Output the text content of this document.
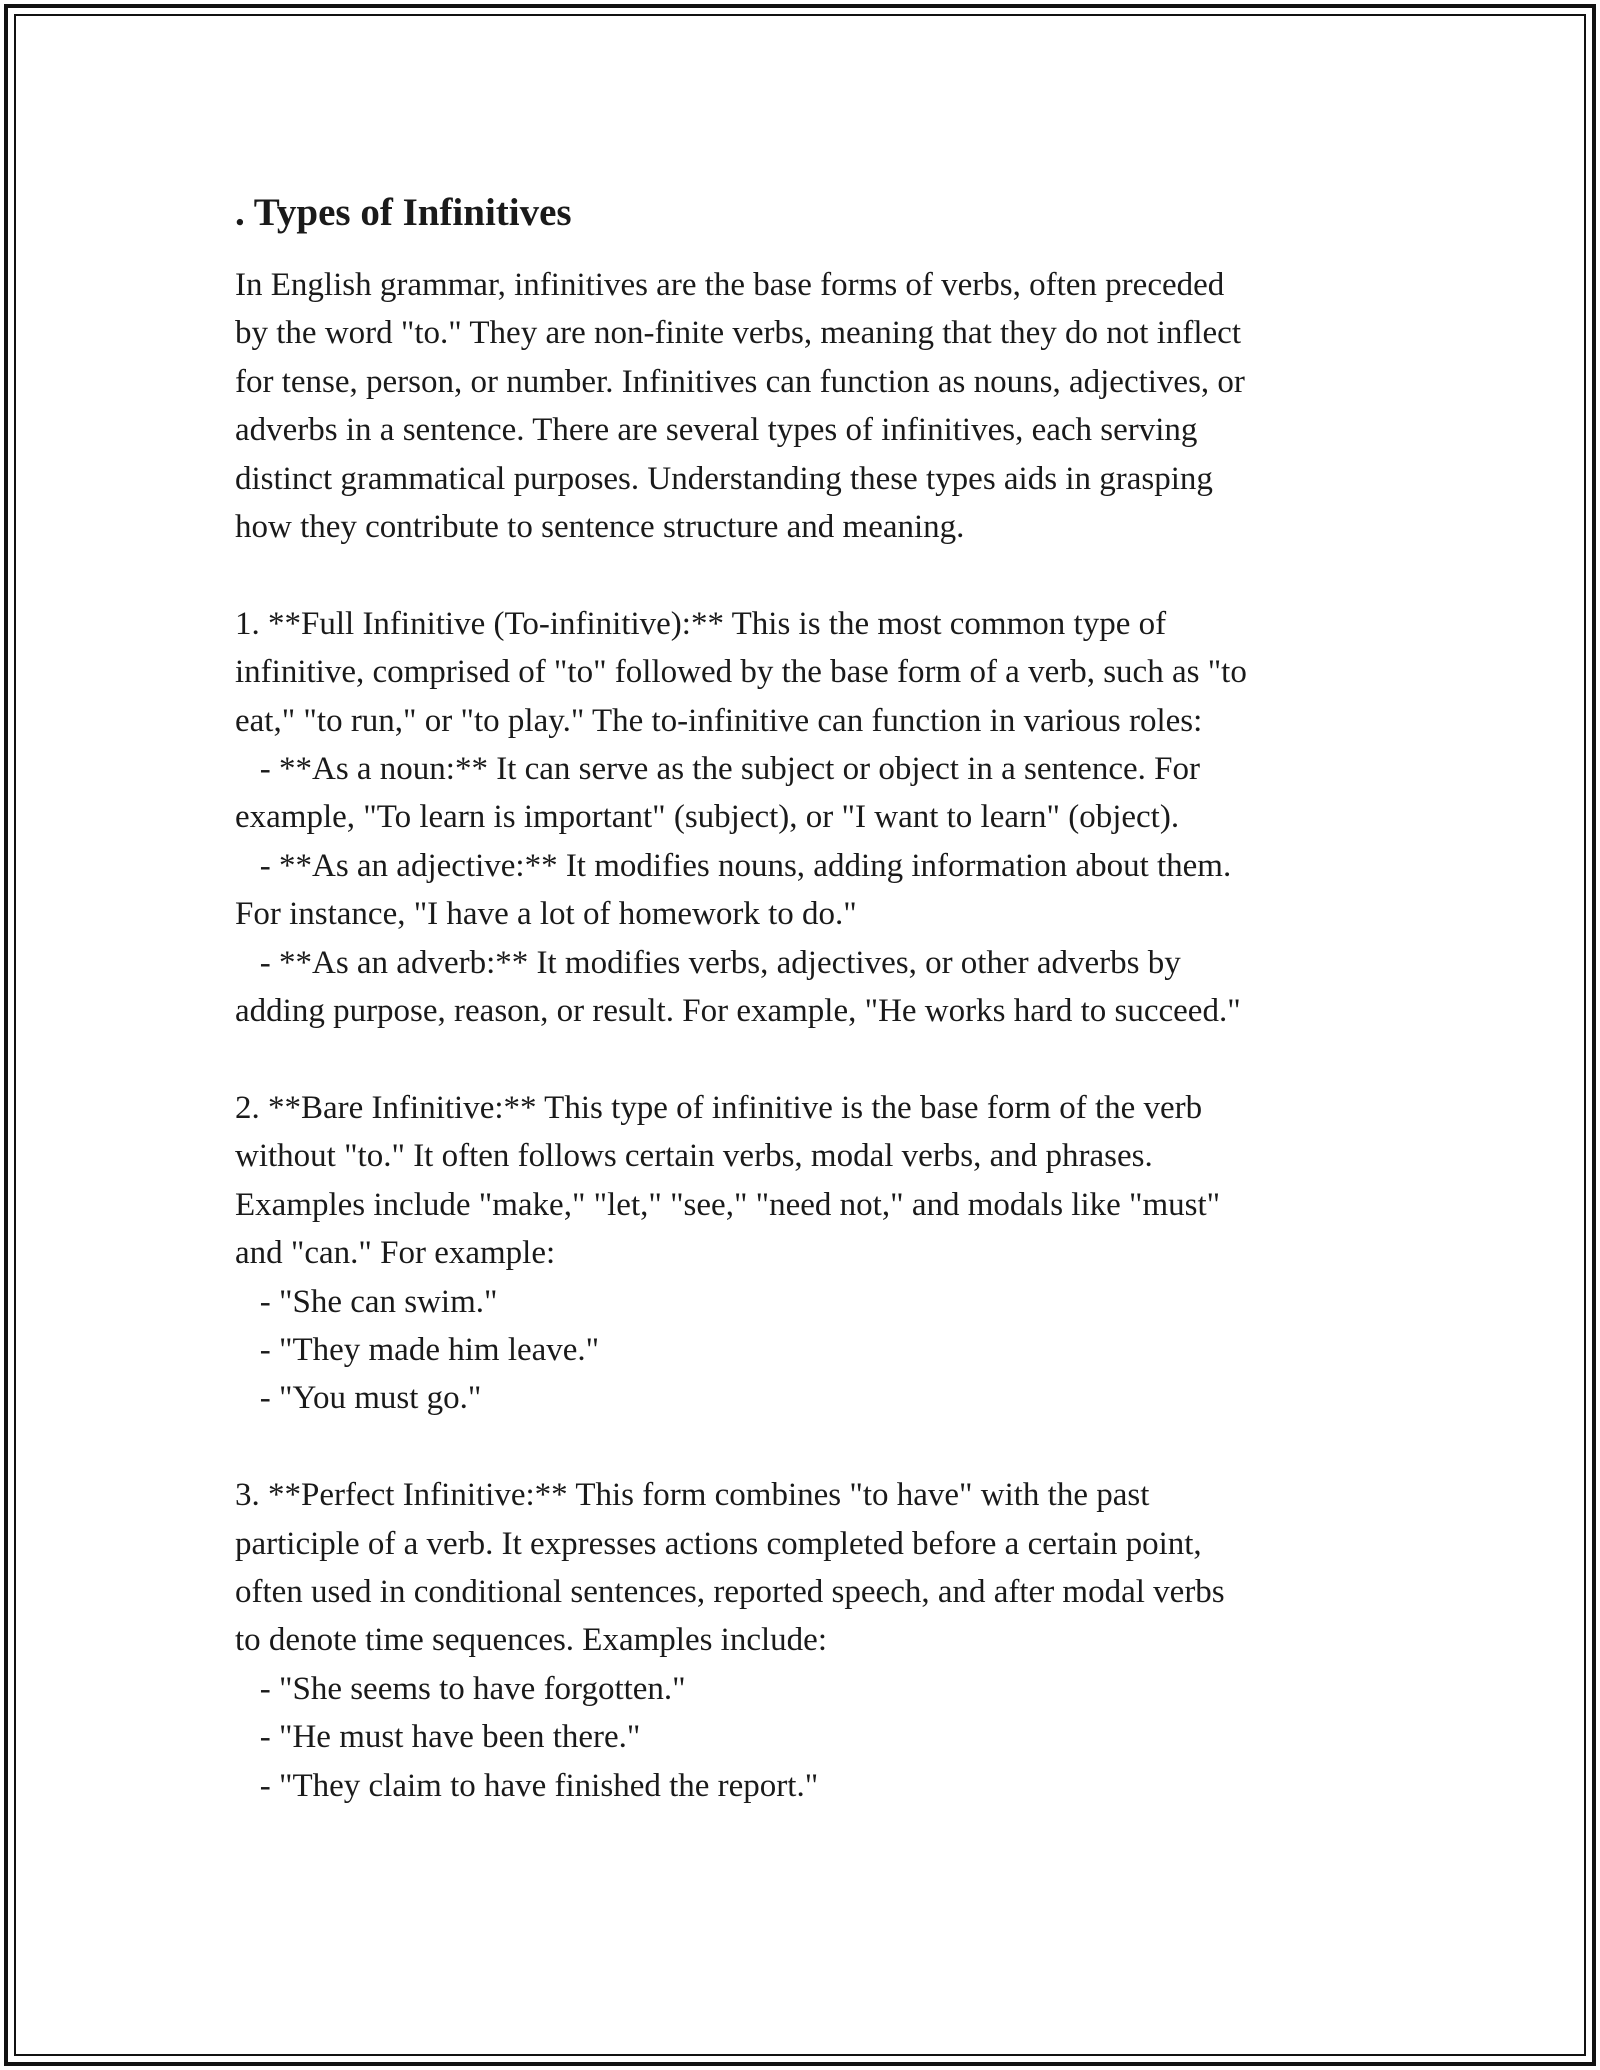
. Types of Infinitives

In English grammar, infinitives are the base forms of verbs, often preceded
by the word "to." They are non-finite verbs, meaning that they do not inflect
for tense, person, or number. Infinitives can function as nouns, adjectives, or
adverbs in a sentence. There are several types of infinitives, each serving
distinct grammatical purposes. Understanding these types aids in grasping
how they contribute to sentence structure and meaning.

1. **Full Infinitive (To-infinitive):** This is the most common type of
infinitive, comprised of "to" followed by the base form of a verb, such as "to
eat," "to run," or "to play." The to-infinitive can function in various roles:
- **As a noun:** It can serve as the subject or object in a sentence. For
example, "To learn is important" (subject), or "I want to learn" (object).
- **As an adjective:** It modifies nouns, adding information about them.
For instance, "I have a lot of homework to do."
- **As an adverb:** It modifies verbs, adjectives, or other adverbs by
adding purpose, reason, or result. For example, "He works hard to succeed."

2. **Bare Infinitive:** This type of infinitive is the base form of the verb
without "to." It often follows certain verbs, modal verbs, and phrases.
Examples include "make," "let," "see," "need not," and modals like "must"
and "can." For example:
- "She can swim."
- "They made him leave."
- "You must go."

3. **Perfect Infinitive:** This form combines "to have" with the past
participle of a verb. It expresses actions completed before a certain point,
often used in conditional sentences, reported speech, and after modal verbs
to denote time sequences. Examples include:
- "She seems to have forgotten."
- "He must have been there."
- "They claim to have finished the report."
